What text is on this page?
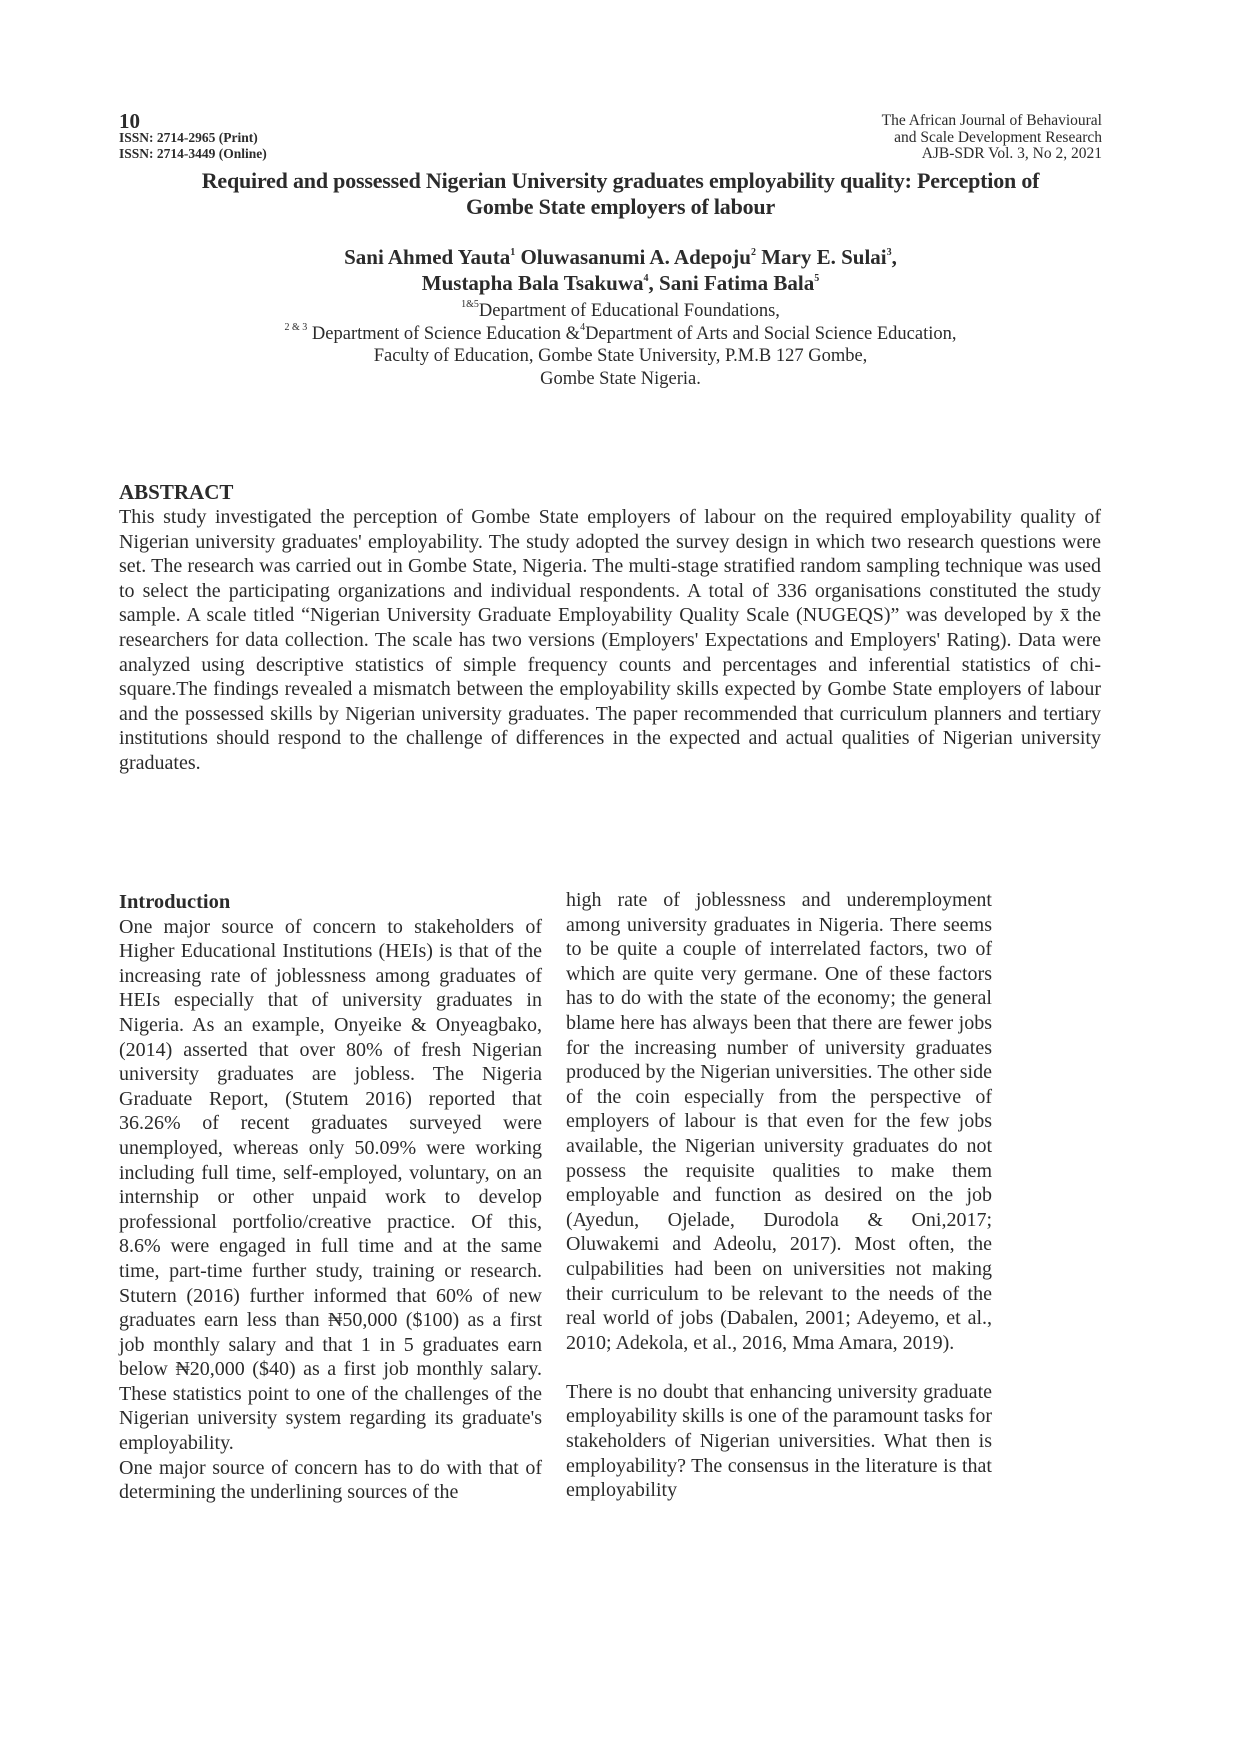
10
ISSN: 2714-2965 (Print)
ISSN: 2714-3449 (Online)
The African Journal of Behavioural
and Scale Development Research
AJB-SDR Vol. 3, No 2, 2021
Required and possessed Nigerian University graduates employability quality: Perception of
Gombe State employers of labour
Sani Ahmed Yauta$^1$ Oluwasanumi A. Adepoju$^2$ Mary E. Sulai$^3$,
Mustapha Bala Tsakuwa$^4$, Sani Fatima Bala$^5$
$^{1\&5}$Department of Educational Foundations,
$^{2 \& 3}$ Department of Science Education &$^4$Department of Arts and Social Science Education,
Faculty of Education, Gombe State University, P.M.B 127 Gombe,
Gombe State Nigeria.
ABSTRACT

This study investigated the perception of Gombe State employers of labour on the required employability quality of Nigerian university graduates' employability. The study adopted the survey design in which two research questions were set. The research was carried out in Gombe State, Nigeria. The multi-stage stratified random sampling technique was used to select the participating organizations and individual respondents. A total of 336 organisations constituted the study sample. A scale titled “Nigerian University Graduate Employability Quality Scale (NUGEQS)” was developed by x̄ the researchers for data collection. The scale has two versions (Employers' Expectations and Employers' Rating). Data were analyzed using descriptive statistics of simple frequency counts and percentages and inferential statistics of chi-square.The findings revealed a mismatch between the employability skills expected by Gombe State employers of labour and the possessed skills by Nigerian university graduates. The paper recommended that curriculum planners and tertiary institutions should respond to the challenge of differences in the expected and actual qualities of Nigerian university graduates.

Introduction

One major source of concern to stakeholders of Higher Educational Institutions (HEIs) is that of the increasing rate of joblessness among graduates of HEIs especially that of university graduates in Nigeria. As an example, Onyeike & Onyeagbako, (2014) asserted that over 80% of fresh Nigerian university graduates are jobless. The Nigeria Graduate Report, (Stutem 2016) reported that 36.26% of recent graduates surveyed were unemployed, whereas only 50.09% were working including full time, self-employed, voluntary, on an internship or other unpaid work to develop professional portfolio/creative practice. Of this, 8.6% were engaged in full time and at the same time, part-time further study, training or research. Stutern (2016) further informed that 60% of new graduates earn less than ₦50,000 ($100) as a first job monthly salary and that 1 in 5 graduates earn below ₦20,000 ($40) as a first job monthly salary. These statistics point to one of the challenges of the Nigerian university system regarding its graduate's employability.

One major source of concern has to do with that of determining the underlining sources of the

high rate of joblessness and underemployment among university graduates in Nigeria. There seems to be quite a couple of interrelated factors, two of which are quite very germane. One of these factors has to do with the state of the economy; the general blame here has always been that there are fewer jobs for the increasing number of university graduates produced by the Nigerian universities. The other side of the coin especially from the perspective of employers of labour is that even for the few jobs available, the Nigerian university graduates do not possess the requisite qualities to make them employable and function as desired on the job (Ayedun, Ojelade, Durodola & Oni,2017; Oluwakemi and Adeolu, 2017). Most often, the culpabilities had been on universities not making their curriculum to be relevant to the needs of the real world of jobs (Dabalen, 2001; Adeyemo, et al., 2010; Adekola, et al., 2016, Mma Amara, 2019).

There is no doubt that enhancing university graduate employability skills is one of the paramount tasks for stakeholders of Nigerian universities. What then is employability? The consensus in the literature is that employability
